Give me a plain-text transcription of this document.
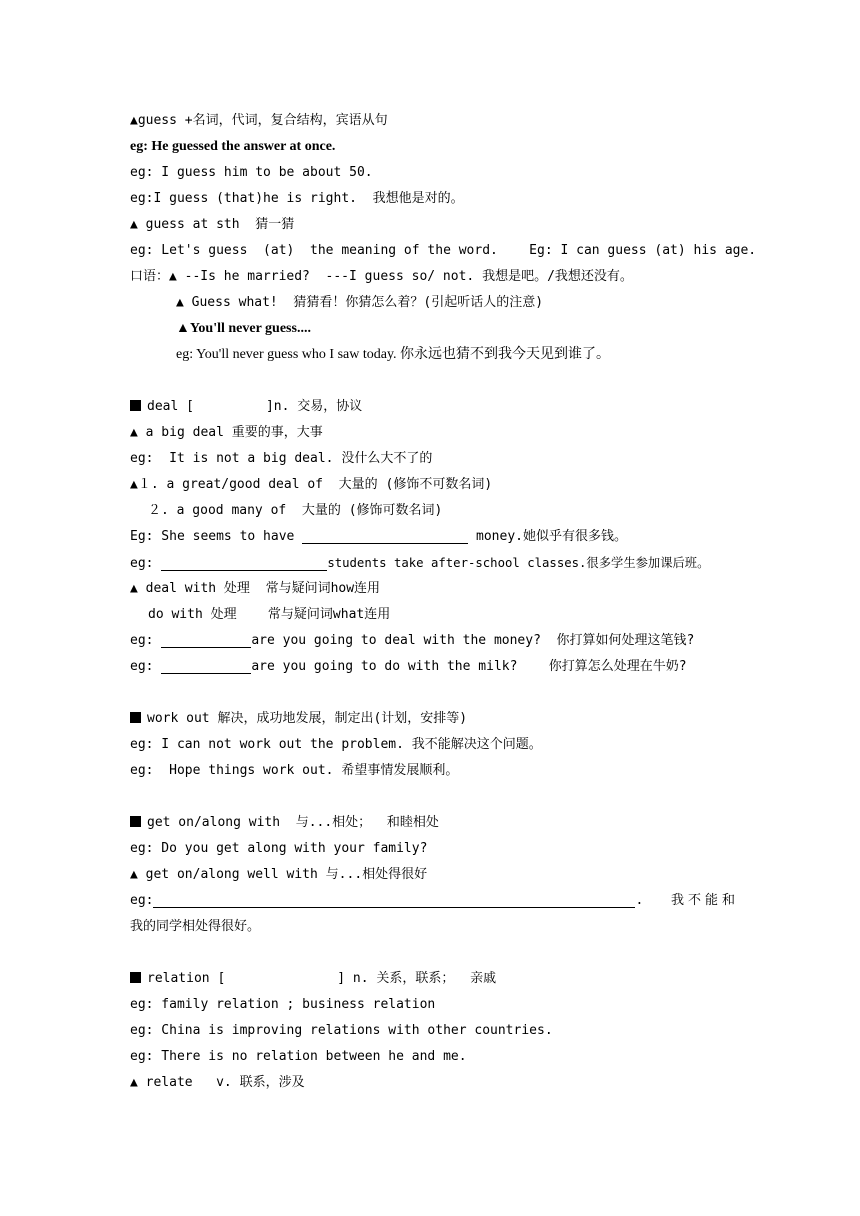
▲guess +名词，代词，复合结构，宾语从句
eg: He guessed the answer at once.
eg: I guess him to be about 50.
eg:I guess (that)he is right.  我想他是对的。
▲ guess at sth  猜一猜
eg: Let's guess  (at)  the meaning of the word.    Eg: I can guess (at) his age.
口语：▲ --Is he married?  ---I guess so/ not. 我想是吧。/我想还没有。
▲ Guess what!  猜猜看！你猜怎么着？(引起听话人的注意)
▲You'll never guess....
eg: You'll never guess who I saw today. 你永远也猜不到我今天见到谁了。
deal [	]n. 交易，协议
▲ a big deal 重要的事，大事
eg:  It is not a big deal. 没什么大不了的
▲１. a great/good deal of  大量的 (修饰不可数名词)
２. a good many of  大量的 (修饰可数名词)
Eg: She seems to have	money.她似乎有很多钱。
eg:	students take after-school classes.很多学生参加课后班。
▲ deal with 处理  常与疑问词how连用
do with 处理    常与疑问词what连用
eg:	are you going to deal with the money?  你打算如何处理这笔钱?
eg:	are you going to do with the milk?    你打算怎么处理在牛奶?
work out 解决，成功地发展，制定出(计划，安排等)
eg: I can not work out the problem. 我不能解决这个问题。
eg:  Hope things work out. 希望事情发展顺利。
get on/along with  与...相处；  和睦相处
eg: Do you get along with your family?
▲ get on/along well with 与...相处得很好
eg:	.  我不能和
我的同学相处得很好。
relation [	] n. 关系，联系；  亲戚
eg: family relation ; business relation
eg: China is improving relations with other countries.
eg: There is no relation between he and me.
▲ relate   v. 联系，涉及
